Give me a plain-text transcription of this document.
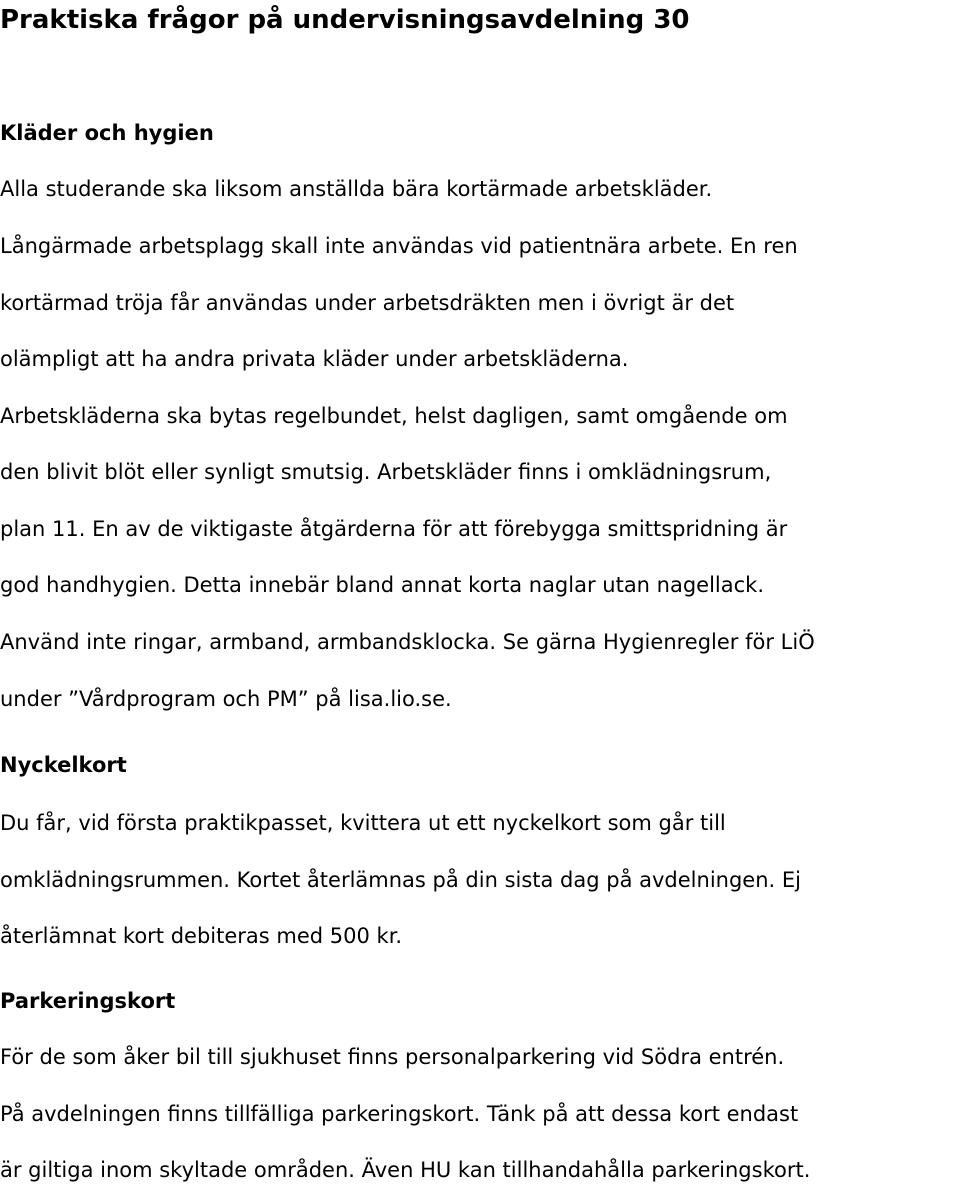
Praktiska frågor på undervisningsavdelning 30
Kläder och hygien

Alla studerande ska liksom anställda bära kortärmade arbetskläder.

Långärmade arbetsplagg skall inte användas vid patientnära arbete. En ren

kortärmad tröja får användas under arbetsdräkten men i övrigt är det

olämpligt att ha andra privata kläder under arbetskläderna.

Arbetskläderna ska bytas regelbundet, helst dagligen, samt omgående om

den blivit blöt eller synligt smutsig. Arbetskläder finns i omklädningsrum,

plan 11. En av de viktigaste åtgärderna för att förebygga smittspridning är

god handhygien. Detta innebär bland annat korta naglar utan nagellack.

Använd inte ringar, armband, armbandsklocka. Se gärna Hygienregler för LiÖ

under ”Vårdprogram och PM” på lisa.lio.se.

Nyckelkort

Du får, vid första praktikpasset, kvittera ut ett nyckelkort som går till

omklädningsrummen. Kortet återlämnas på din sista dag på avdelningen. Ej

återlämnat kort debiteras med 500 kr.

Parkeringskort

För de som åker bil till sjukhuset finns personalparkering vid Södra entrén.

På avdelningen finns tillfälliga parkeringskort. Tänk på att dessa kort endast

är giltiga inom skyltade områden. Även HU kan tillhandahålla parkeringskort.
